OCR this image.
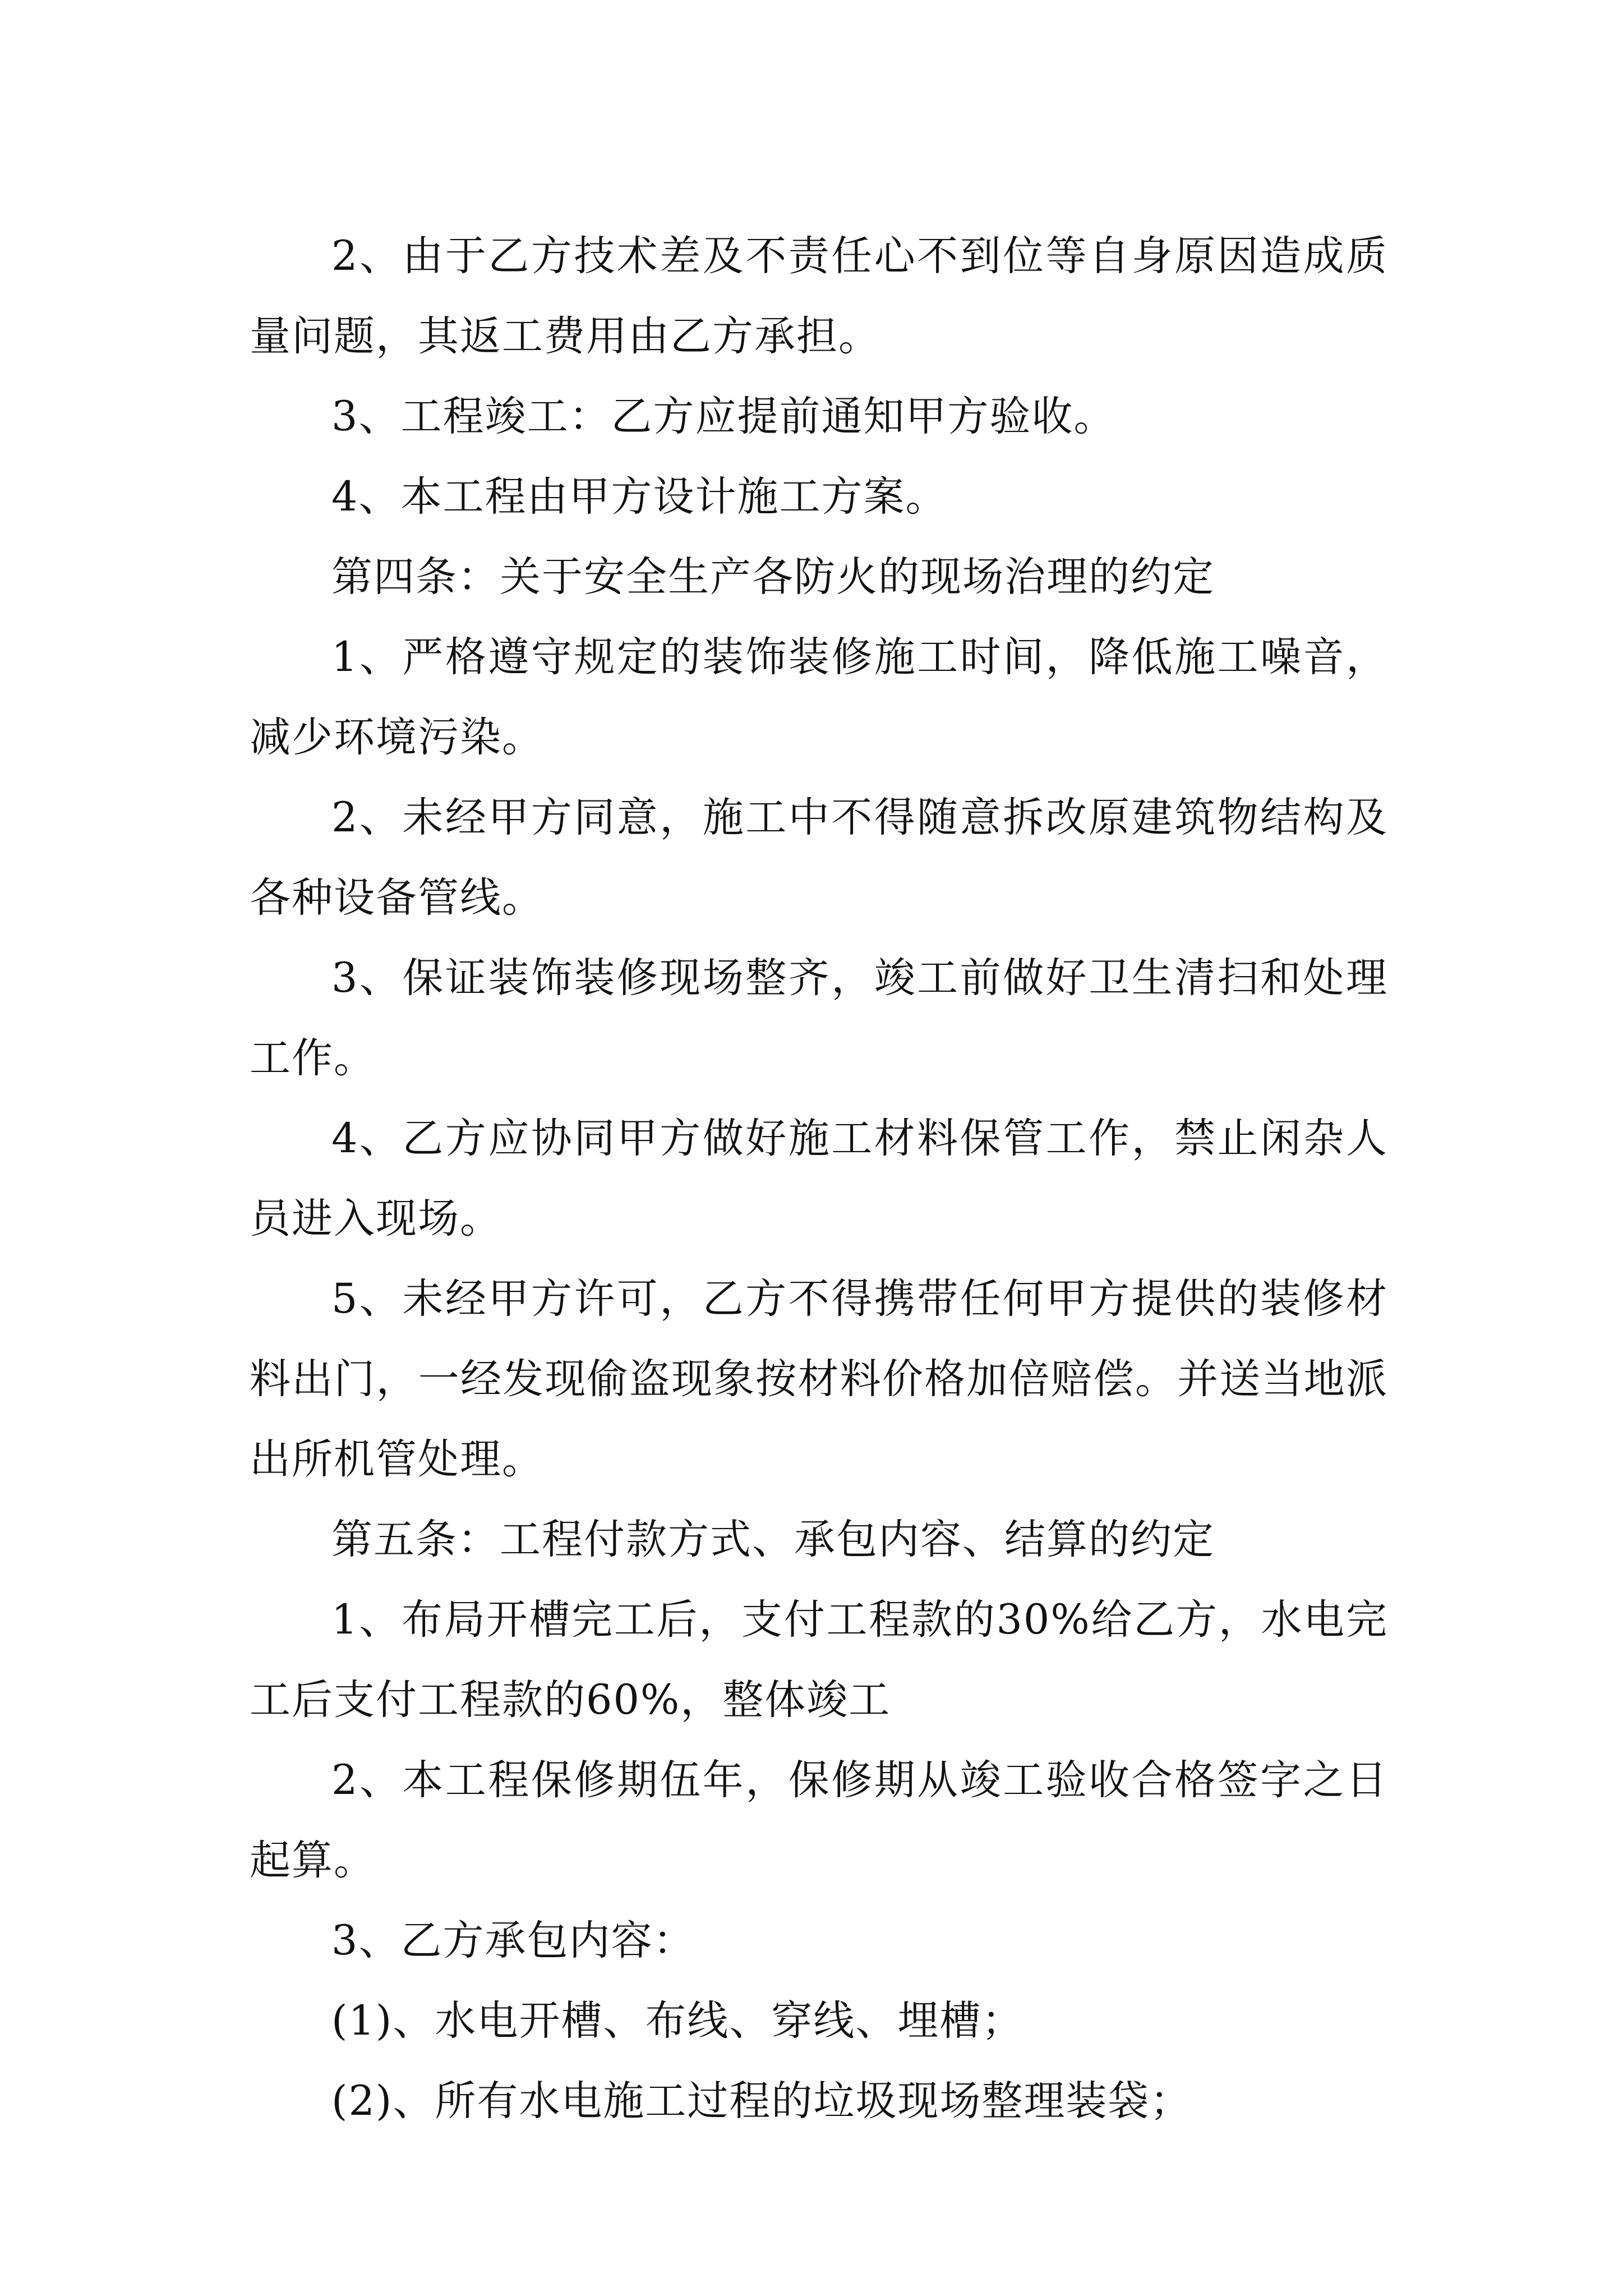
2、由于乙方技术差及不责任心不到位等自身原因造成质量问题，其返工费用由乙方承担。

3、工程竣工：乙方应提前通知甲方验收。

4、本工程由甲方设计施工方案。

第四条：关于安全生产各防火的现场治理的约定

1、严格遵守规定的装饰装修施工时间，降低施工噪音，减少环境污染。

2、未经甲方同意，施工中不得随意拆改原建筑物结构及各种设备管线。

3、保证装饰装修现场整齐，竣工前做好卫生清扫和处理工作。

4、乙方应协同甲方做好施工材料保管工作，禁止闲杂人员进入现场。

5、未经甲方许可，乙方不得携带任何甲方提供的装修材料出门，一经发现偷盗现象按材料价格加倍赔偿。并送当地派出所机管处理。

第五条：工程付款方式、承包内容、结算的约定

1、布局开槽完工后，支付工程款的30%给乙方，水电完工后支付工程款的60%，整体竣工

2、本工程保修期伍年，保修期从竣工验收合格签字之日起算。

3、乙方承包内容：

(1)、水电开槽、布线、穿线、埋槽；

(2)、所有水电施工过程的垃圾现场整理装袋；
